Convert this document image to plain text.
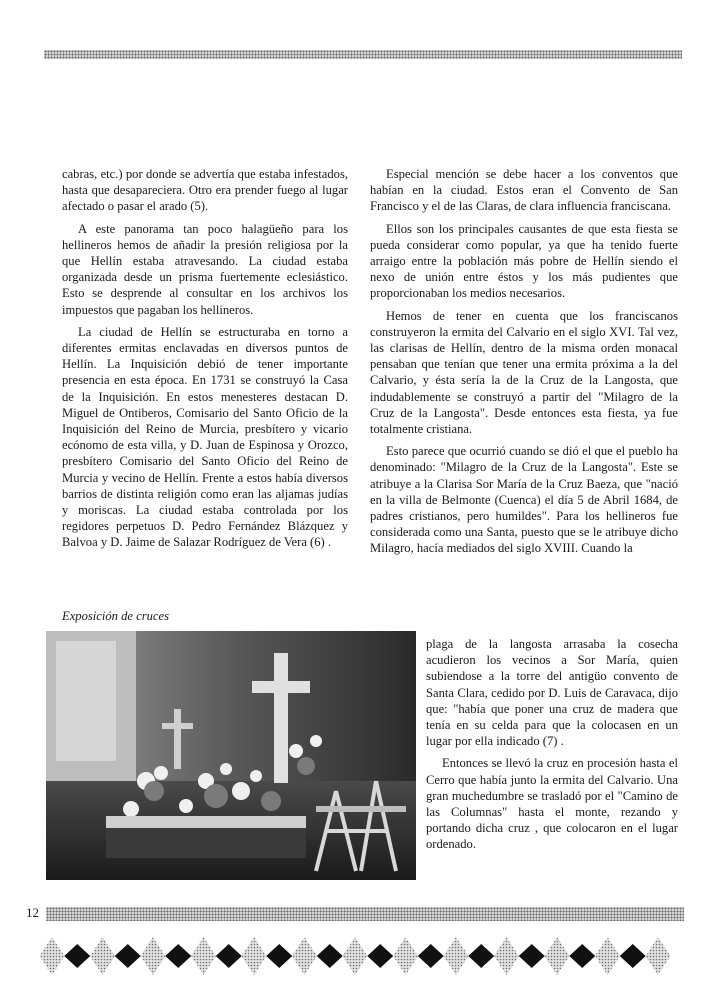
cabras, etc.) por donde se advertía que estaba infestados, hasta que desapareciera. Otro era prender fuego al lugar afectado o pasar el arado (5).

A este panorama tan poco halagüeño para los hellineros hemos de añadir la presión religiosa por la que Hellín estaba atravesando. La ciudad estaba organizada desde un prisma fuertemente eclesiástico. Esto se desprende al consultar en los archivos los impuestos que pagaban los hellineros.

La ciudad de Hellín se estructuraba en torno a diferentes ermitas enclavadas en diversos puntos de Hellín. La Inquisición debió de tener importante presencia en esta época. En 1731 se construyó la Casa de la Inquisición. En estos menesteres destacan D. Miguel de Ontiberos, Comisario del Santo Oficio de la Inquisición del Reino de Murcia, presbítero y vicario ecónomo de esta villa, y D. Juan de Espinosa y Orozco, presbítero Comisario del Santo Oficio del Reino de Murcia y vecino de Hellín. Frente a estos había diversos barrios de distinta religión como eran las aljamas judías y moriscas. La ciudad estaba controlada por los regidores perpetuos D. Pedro Fernández Blázquez y Balvoa y D. Jaime de Salazar Rodríguez de Vera (6) .

Exposición de cruces

Especial mención se debe hacer a los conventos que habían en la ciudad. Estos eran el Convento de San Francisco y el de las Claras, de clara influencia franciscana.

Ellos son los principales causantes de que esta fiesta se pueda considerar como popular, ya que ha tenido fuerte arraigo entre la población más pobre de Hellín siendo el nexo de unión entre éstos y los más pudientes que proporcionaban los medios necesarios.

Hemos de tener en cuenta que los franciscanos construyeron la ermita del Calvario en el siglo XVI. Tal vez, las clarisas de Hellín, dentro de la misma orden monacal pensaban que tenían que tener una ermita próxima a la del Calvario, y ésta sería la de la Cruz de la Langosta, que indudablemente se construyó a partir del "Milagro de la Cruz de la Langosta". Desde entonces esta fiesta, ya fue totalmente cristiana.

Esto parece que ocurrió cuando se dió el que el pueblo ha denominado: "Milagro de la Cruz de la Langosta". Este se atribuye a la Clarisa Sor María de la Cruz Baeza, que "nació en la villa de Belmonte (Cuenca) el día 5 de Abril 1684, de padres cristianos, pero humildes". Para los hellineros fue considerada como una Santa, puesto que se le atribuye dicho Milagro, hacía mediados del siglo XVIII. Cuando la

plaga de la langosta arrasaba la cosecha acudieron los vecinos a Sor María, quien subiendose a la torre del antigüo convento de Santa Clara, cedido por D. Luis de Caravaca, dijo que: "había que poner una cruz de madera que tenía en su celda para que la colocasen en un lugar por ella indicado (7) .

Entonces se llevó la cruz en procesión hasta el Cerro que había junto la ermita del Calvario. Una gran muchedumbre se trasladó por el "Camino de las Columnas" hasta el monte, rezando y portando dicha cruz , que colocaron en el lugar ordenado.

12
